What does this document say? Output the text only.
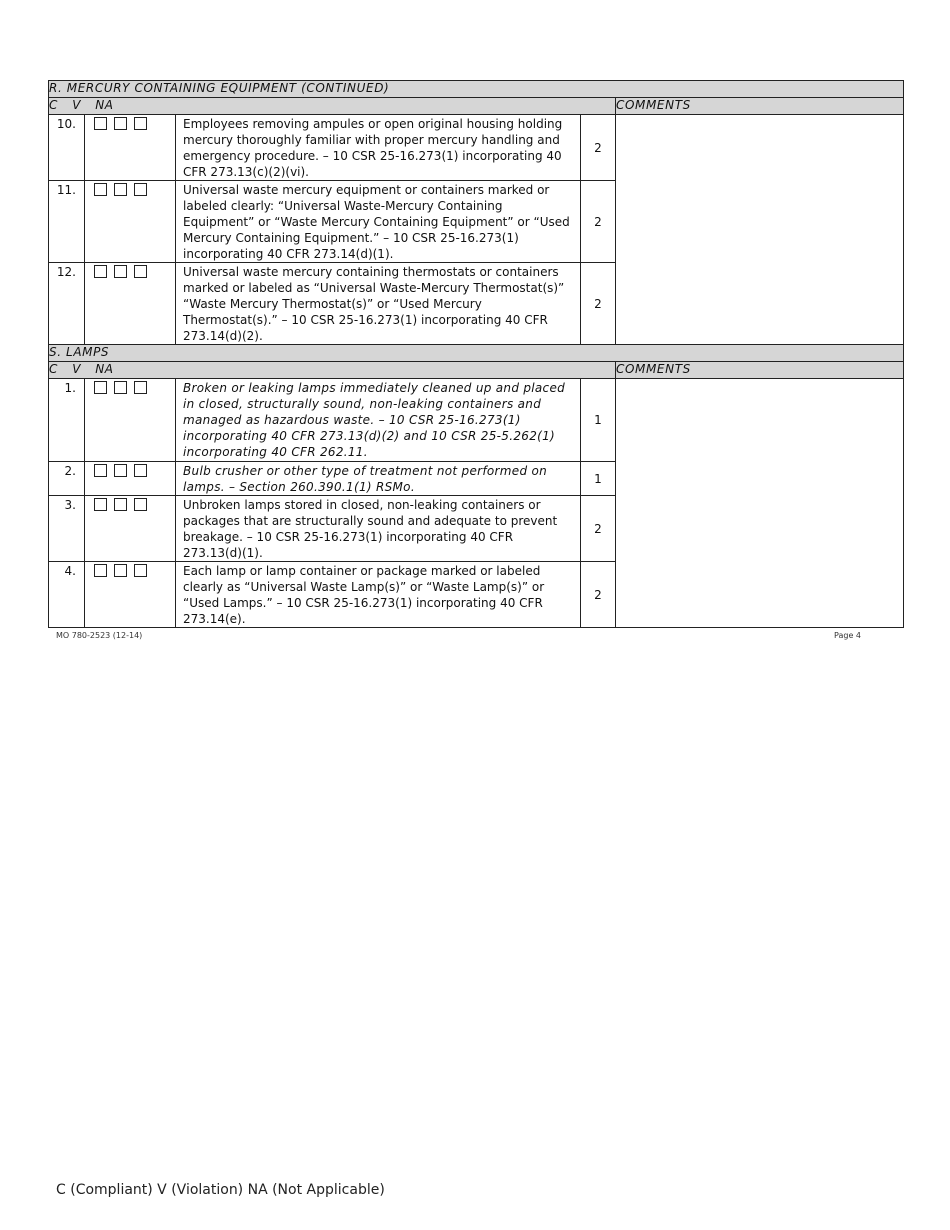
R. MERCURY CONTAINING EQUIPMENT (CONTINUED)				
C V NA				COMMENTS
10.		Employees removing ampules or open original housing holding mercury thoroughly familiar with proper mercury handling and emergency procedure. – 10 CSR 25-16.273(1) incorporating 40 CFR 273.13(c)(2)(vi).	2	
11.		Universal waste mercury equipment or containers marked or labeled clearly: “Universal Waste-Mercury Containing Equipment” or “Waste Mercury Containing Equipment” or “Used Mercury Containing Equipment.” – 10 CSR 25-16.273(1) incorporating 40 CFR 273.14(d)(1).	2	
12.		Universal waste mercury containing thermostats or containers marked or labeled as “Universal Waste-Mercury Thermostat(s)” “Waste Mercury Thermostat(s)” or “Used Mercury Thermostat(s).” – 10 CSR 25-16.273(1) incorporating 40 CFR 273.14(d)(2).	2	
S. LAMPS				
C V NA				COMMENTS
1.		Broken or leaking lamps immediately cleaned up and placed in closed, structurally sound, non-leaking containers and managed as hazardous waste. – 10 CSR 25-16.273(1) incorporating 40 CFR 273.13(d)(2) and 10 CSR 25-5.262(1) incorporating 40 CFR 262.11.	1	
2.		Bulb crusher or other type of treatment not performed on lamps. – Section 260.390.1(1) RSMo.	1	
3.		Unbroken lamps stored in closed, non-leaking containers or packages that are structurally sound and adequate to prevent breakage. – 10 CSR 25-16.273(1) incorporating 40 CFR 273.13(d)(1).	2	
4.		Each lamp or lamp container or package marked or labeled clearly as “Universal Waste Lamp(s)” or “Waste Lamp(s)” or “Used Lamps.” – 10 CSR 25-16.273(1) incorporating 40 CFR 273.14(e).	2	
MO 780-2523 (12-14)	Page 4
C (Compliant) V (Violation) NA (Not Applicable)
